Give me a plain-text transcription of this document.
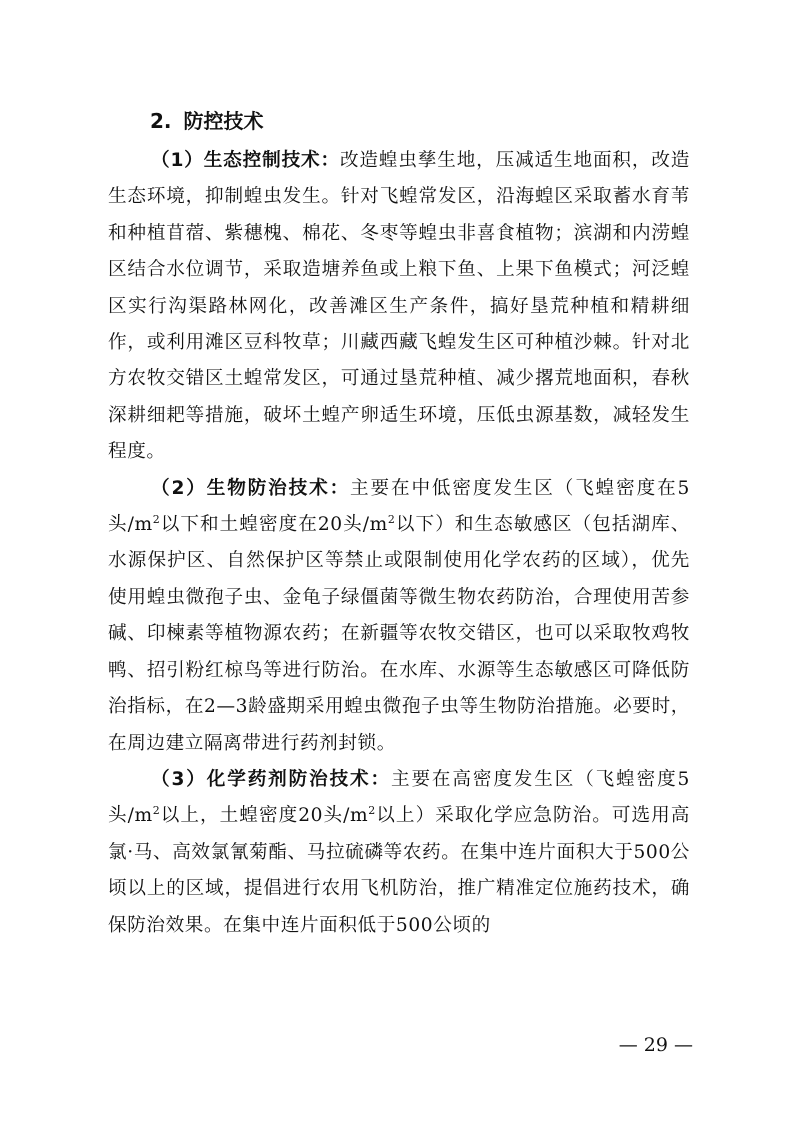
2. 防控技术

（1）生态控制技术：改造蝗虫孳生地，压减适生地面积，改造生态环境，抑制蝗虫发生。针对飞蝗常发区，沿海蝗区采取蓄水育苇和种植苜蓿、紫穗槐、棉花、冬枣等蝗虫非喜食植物；滨湖和内涝蝗区结合水位调节，采取造塘养鱼或上粮下鱼、上果下鱼模式；河泛蝗区实行沟渠路林网化，改善滩区生产条件，搞好垦荒种植和精耕细作，或利用滩区豆科牧草；川藏西藏飞蝗发生区可种植沙棘。针对北方农牧交错区土蝗常发区，可通过垦荒种植、减少撂荒地面积，春秋深耕细耙等措施，破坏土蝗产卵适生环境，压低虫源基数，减轻发生程度。

（2）生物防治技术：主要在中低密度发生区（飞蝗密度在5头$/m^2$以下和土蝗密度在20头$/m^2$以下）和生态敏感区（包括湖库、水源保护区、自然保护区等禁止或限制使用化学农药的区域），优先使用蝗虫微孢子虫、金龟子绿僵菌等微生物农药防治，合理使用苦参碱、印楝素等植物源农药；在新疆等农牧交错区，也可以采取牧鸡牧鸭、招引粉红椋鸟等进行防治。在水库、水源等生态敏感区可降低防治指标，在2—3龄盛期采用蝗虫微孢子虫等生物防治措施。必要时，在周边建立隔离带进行药剂封锁。

（3）化学药剂防治技术：主要在高密度发生区（飞蝗密度5头$/m^2$以上，土蝗密度20头$/m^2$以上）采取化学应急防治。可选用高氯·马、高效氯氰菊酯、马拉硫磷等农药。在集中连片面积大于500公顷以上的区域，提倡进行农用飞机防治，推广精准定位施药技术，确保防治效果。在集中连片面积低于500公顷的

— 29 —
